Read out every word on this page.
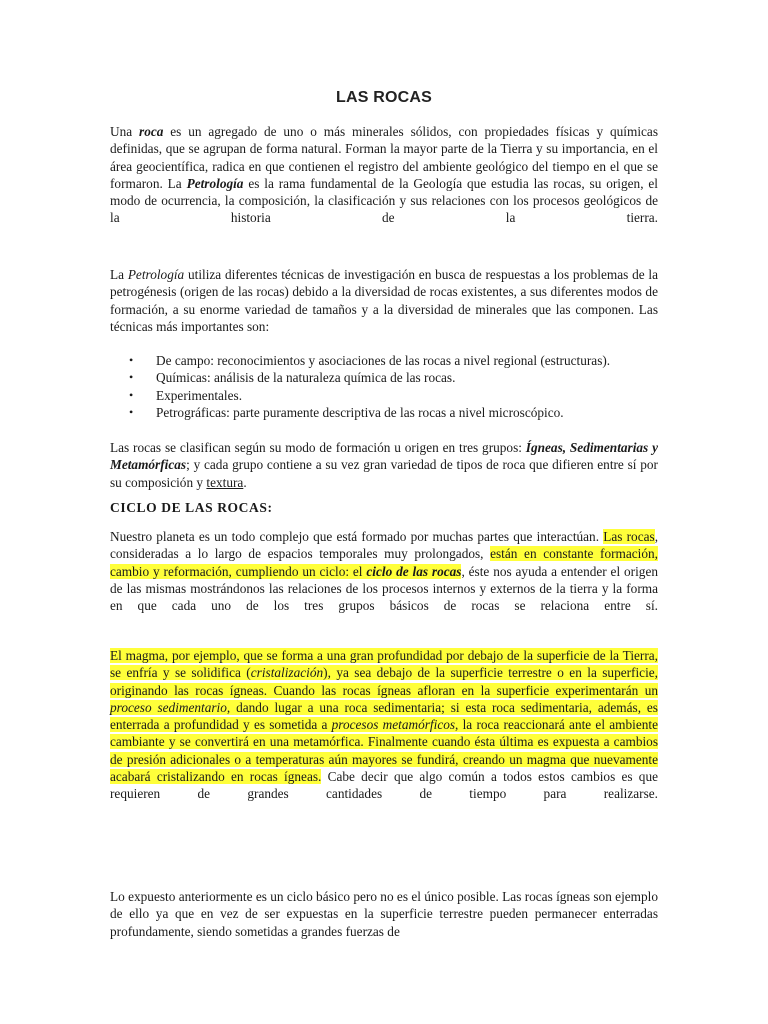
LAS ROCAS
Una roca es un agregado de uno o más minerales sólidos, con propiedades físicas y químicas definidas, que se agrupan de forma natural. Forman la mayor parte de la Tierra y su importancia, en el área geocientífica, radica en que contienen el registro del ambiente geológico del tiempo en el que se formaron. La Petrología es la rama fundamental de la Geología que estudia las rocas, su origen, el modo de ocurrencia, la composición, la clasificación y sus relaciones con los procesos geológicos de la historia de la tierra.
La Petrología utiliza diferentes técnicas de investigación en busca de respuestas a los problemas de la petrogénesis (origen de las rocas) debido a la diversidad de rocas existentes, a sus diferentes modos de formación, a su enorme variedad de tamaños y a la diversidad de minerales que las componen. Las técnicas más importantes son:
• De campo: reconocimientos y asociaciones de las rocas a nivel regional (estructuras).
• Químicas: análisis de la naturaleza química de las rocas.
• Experimentales.
• Petrográficas: parte puramente descriptiva de las rocas a nivel microscópico.
Las rocas se clasifican según su modo de formación u origen en tres grupos: Ígneas, Sedimentarias y Metamórficas; y cada grupo contiene a su vez gran variedad de tipos de roca que difieren entre sí por su composición y textura.
CICLO DE LAS ROCAS:
Nuestro planeta es un todo complejo que está formado por muchas partes que interactúan. Las rocas, consideradas a lo largo de espacios temporales muy prolongados, están en constante formación, cambio y reformación, cumpliendo un ciclo: el ciclo de las rocas, éste nos ayuda a entender el origen de las mismas mostrándonos las relaciones de los procesos internos y externos de la tierra y la forma en que cada uno de los tres grupos básicos de rocas se relaciona entre sí.
El magma, por ejemplo, que se forma a una gran profundidad por debajo de la superficie de la Tierra, se enfría y se solidifica (cristalización), ya sea debajo de la superficie terrestre o en la superficie, originando las rocas ígneas. Cuando las rocas ígneas afloran en la superficie experimentarán un proceso sedimentario, dando lugar a una roca sedimentaria; si esta roca sedimentaria, además, es enterrada a profundidad y es sometida a procesos metamórficos, la roca reaccionará ante el ambiente cambiante y se convertirá en una metamórfica. Finalmente cuando ésta última es expuesta a cambios de presión adicionales o a temperaturas aún mayores se fundirá, creando un magma que nuevamente acabará cristalizando en rocas ígneas. Cabe decir que algo común a todos estos cambios es que requieren de grandes cantidades de tiempo para realizarse.
Lo expuesto anteriormente es un ciclo básico pero no es el único posible. Las rocas ígneas son ejemplo de ello ya que en vez de ser expuestas en la superficie terrestre pueden permanecer enterradas profundamente, siendo sometidas a grandes fuerzas de
